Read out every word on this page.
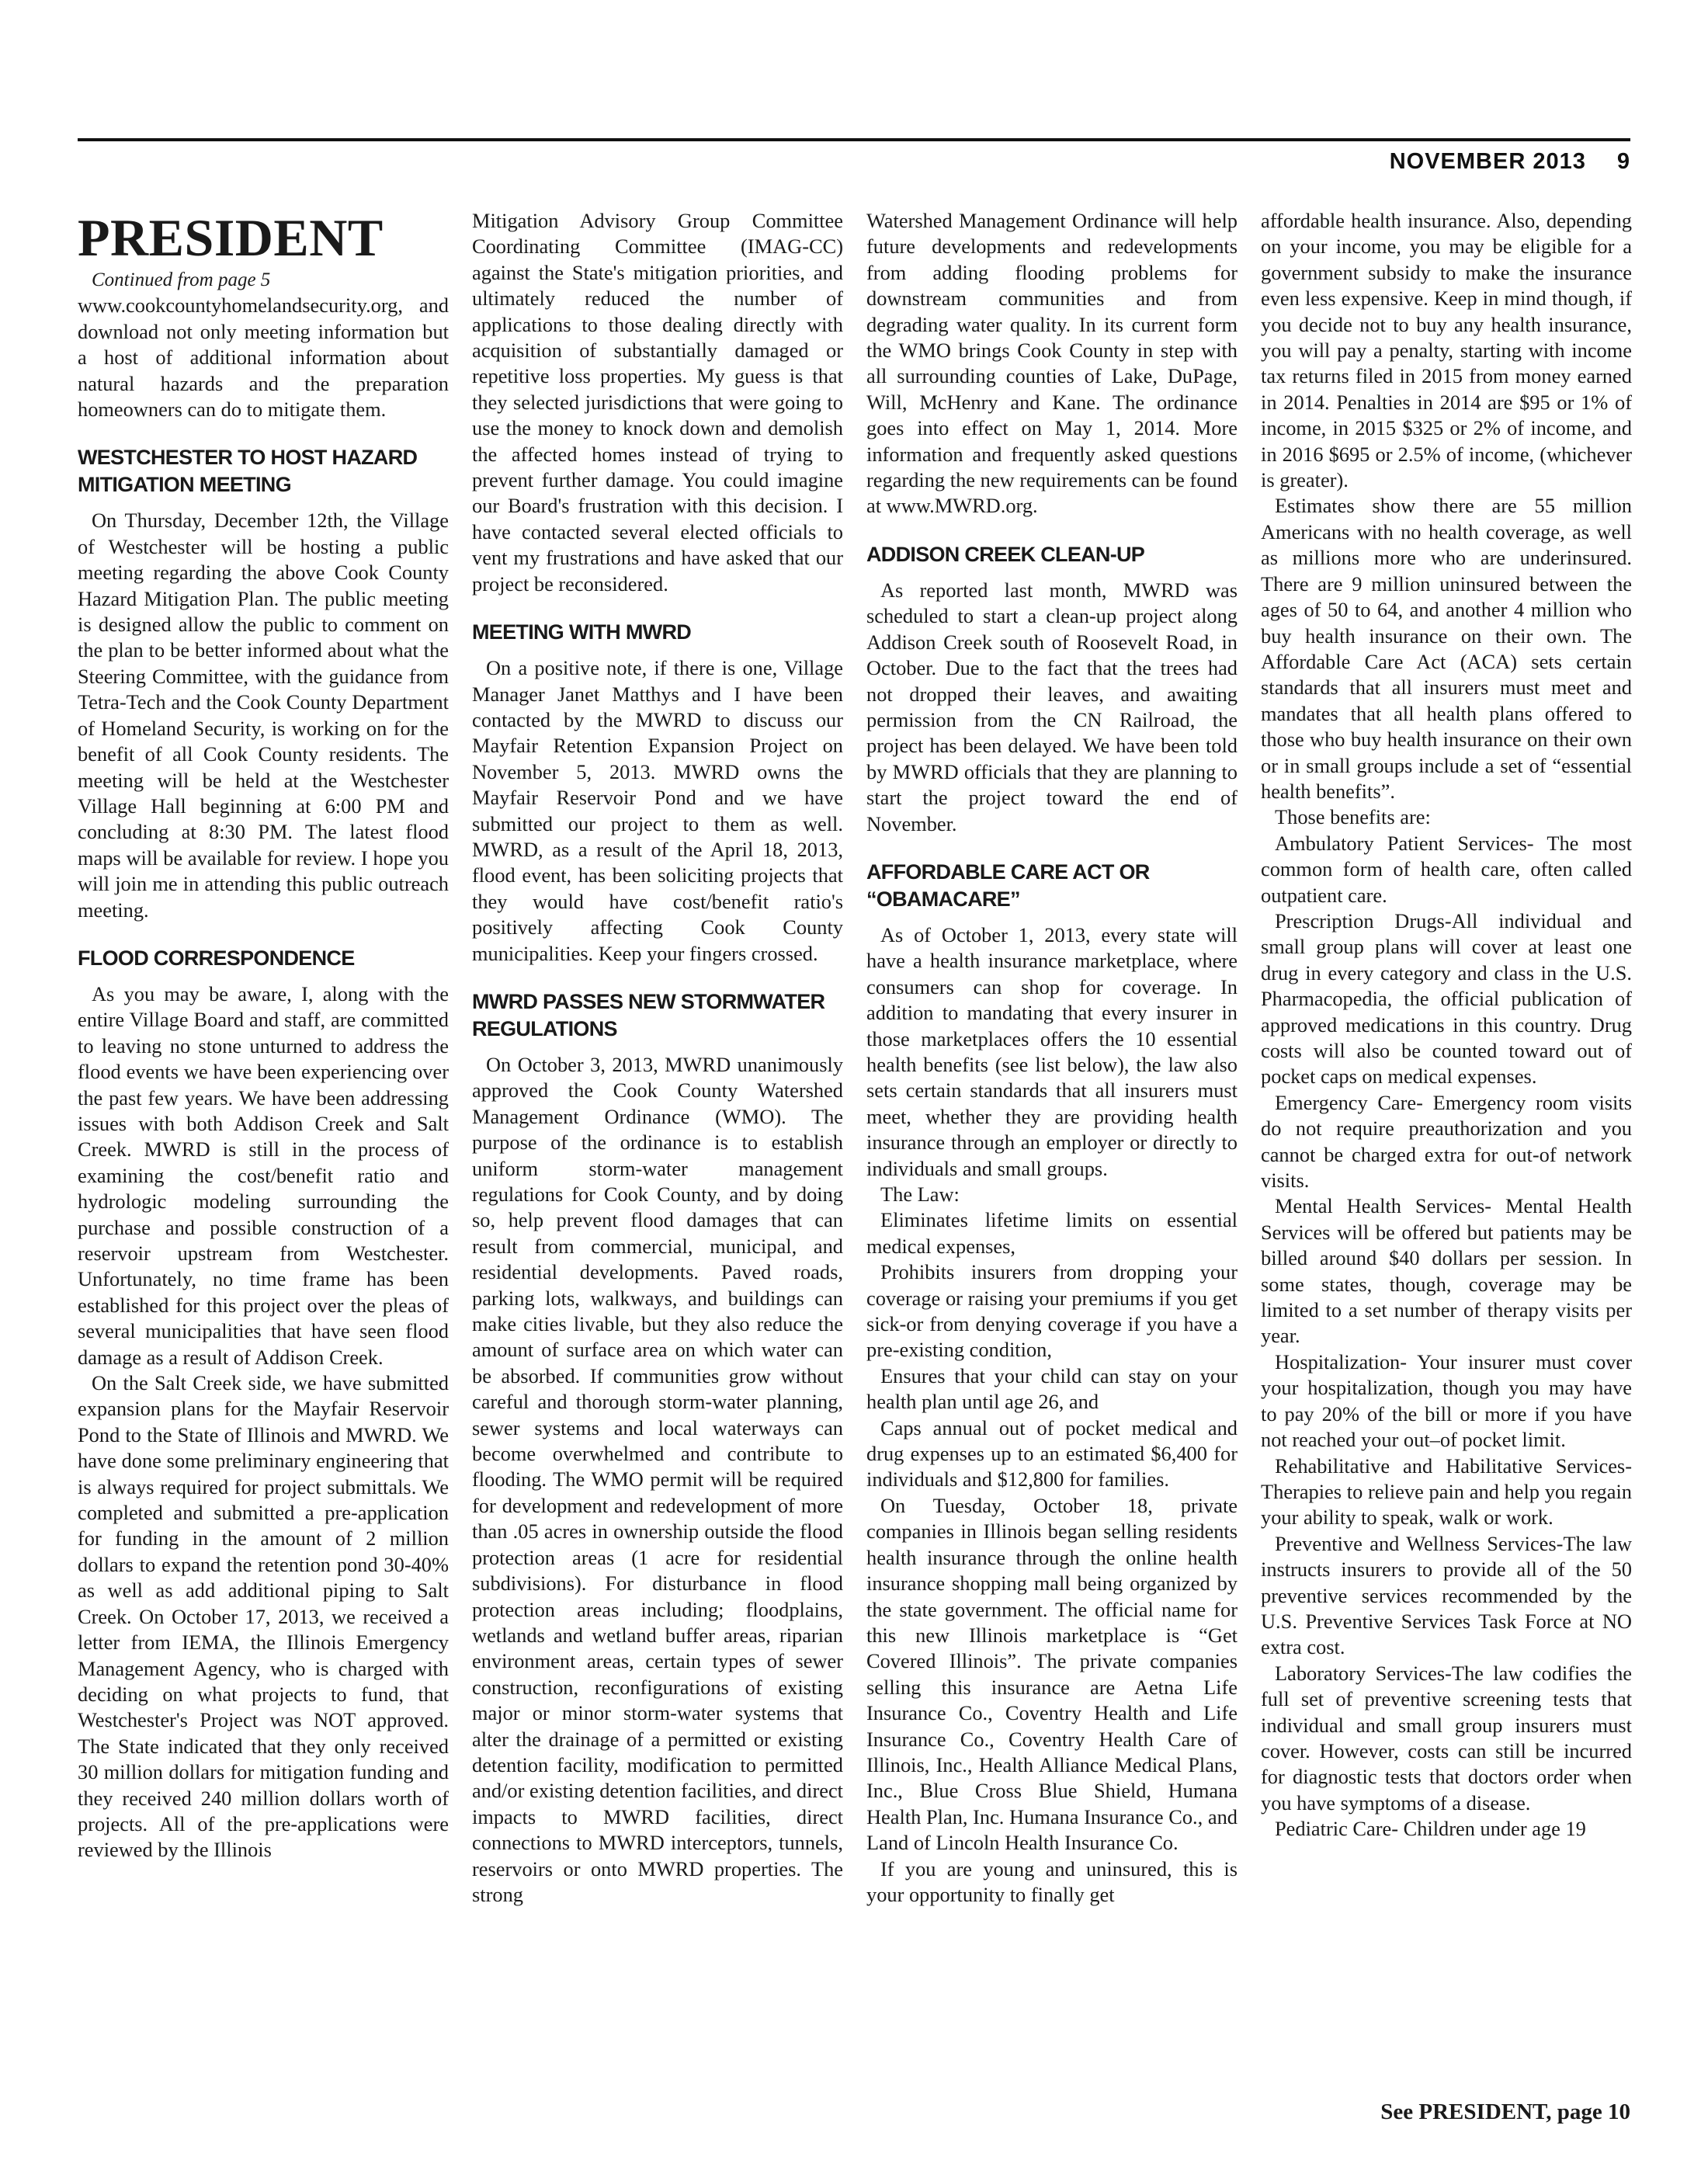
NOVEMBER 2013 9
PRESIDENT

Continued from page 5

www.cookcountyhomelandsecurity.org, and download not only meeting information but a host of additional information about natural hazards and the preparation homeowners can do to mitigate them.

WESTCHESTER TO HOST HAZARD MITIGATION MEETING

On Thursday, December 12th, the Village of Westchester will be hosting a public meeting regarding the above Cook County Hazard Mitigation Plan. The public meeting is designed allow the public to comment on the plan to be better informed about what the Steering Committee, with the guidance from Tetra-Tech and the Cook County Department of Homeland Security, is working on for the benefit of all Cook County residents. The meeting will be held at the Westchester Village Hall beginning at 6:00 PM and concluding at 8:30 PM. The latest flood maps will be available for review. I hope you will join me in attending this public outreach meeting.

FLOOD CORRESPONDENCE

As you may be aware, I, along with the entire Village Board and staff, are committed to leaving no stone unturned to address the flood events we have been experiencing over the past few years. We have been addressing issues with both Addison Creek and Salt Creek. MWRD is still in the process of examining the cost/benefit ratio and hydrologic modeling surrounding the purchase and possible construction of a reservoir upstream from Westchester. Unfortunately, no time frame has been established for this project over the pleas of several municipalities that have seen flood damage as a result of Addison Creek.

On the Salt Creek side, we have submitted expansion plans for the Mayfair Reservoir Pond to the State of Illinois and MWRD. We have done some preliminary engineering that is always required for project submittals. We completed and submitted a pre-application for funding in the amount of 2 million dollars to expand the retention pond 30-40% as well as add additional piping to Salt Creek. On October 17, 2013, we received a letter from IEMA, the Illinois Emergency Management Agency, who is charged with deciding on what projects to fund, that Westchester's Project was NOT approved. The State indicated that they only received 30 million dollars for mitigation funding and they received 240 million dollars worth of projects. All of the pre-applications were reviewed by the Illinois

Mitigation Advisory Group Committee Coordinating Committee (IMAG-CC) against the State's mitigation priorities, and ultimately reduced the number of applications to those dealing directly with acquisition of substantially damaged or repetitive loss properties. My guess is that they selected jurisdictions that were going to use the money to knock down and demolish the affected homes instead of trying to prevent further damage. You could imagine our Board's frustration with this decision. I have contacted several elected officials to vent my frustrations and have asked that our project be reconsidered.

MEETING WITH MWRD

On a positive note, if there is one, Village Manager Janet Matthys and I have been contacted by the MWRD to discuss our Mayfair Retention Expansion Project on November 5, 2013. MWRD owns the Mayfair Reservoir Pond and we have submitted our project to them as well. MWRD, as a result of the April 18, 2013, flood event, has been soliciting projects that they would have cost/benefit ratio's positively affecting Cook County municipalities. Keep your fingers crossed.

MWRD PASSES NEW STORMWATER REGULATIONS

On October 3, 2013, MWRD unanimously approved the Cook County Watershed Management Ordinance (WMO). The purpose of the ordinance is to establish uniform storm-water management regulations for Cook County, and by doing so, help prevent flood damages that can result from commercial, municipal, and residential developments. Paved roads, parking lots, walkways, and buildings can make cities livable, but they also reduce the amount of surface area on which water can be absorbed. If communities grow without careful and thorough storm-water planning, sewer systems and local waterways can become overwhelmed and contribute to flooding. The WMO permit will be required for development and redevelopment of more than .05 acres in ownership outside the flood protection areas (1 acre for residential subdivisions). For disturbance in flood protection areas including; floodplains, wetlands and wetland buffer areas, riparian environment areas, certain types of sewer construction, reconfigurations of existing major or minor storm-water systems that alter the drainage of a permitted or existing detention facility, modification to permitted and/or existing detention facilities, and direct impacts to MWRD facilities, direct connections to MWRD interceptors, tunnels, reservoirs or onto MWRD properties. The strong

Watershed Management Ordinance will help future developments and redevelopments from adding flooding problems for downstream communities and from degrading water quality. In its current form the WMO brings Cook County in step with all surrounding counties of Lake, DuPage, Will, McHenry and Kane. The ordinance goes into effect on May 1, 2014. More information and frequently asked questions regarding the new requirements can be found at www.MWRD.org.

ADDISON CREEK CLEAN-UP

As reported last month, MWRD was scheduled to start a clean-up project along Addison Creek south of Roosevelt Road, in October. Due to the fact that the trees had not dropped their leaves, and awaiting permission from the CN Railroad, the project has been delayed. We have been told by MWRD officials that they are planning to start the project toward the end of November.

AFFORDABLE CARE ACT OR “OBAMACARE”

As of October 1, 2013, every state will have a health insurance marketplace, where consumers can shop for coverage. In addition to mandating that every insurer in those marketplaces offers the 10 essential health benefits (see list below), the law also sets certain standards that all insurers must meet, whether they are providing health insurance through an employer or directly to individuals and small groups.

The Law:

Eliminates lifetime limits on essential medical expenses,

Prohibits insurers from dropping your coverage or raising your premiums if you get sick-or from denying coverage if you have a pre-existing condition,

Ensures that your child can stay on your health plan until age 26, and

Caps annual out of pocket medical and drug expenses up to an estimated $6,400 for individuals and $12,800 for families.

On Tuesday, October 18, private companies in Illinois began selling residents health insurance through the online health insurance shopping mall being organized by the state government. The official name for this new Illinois marketplace is “Get Covered Illinois”. The private companies selling this insurance are Aetna Life Insurance Co., Coventry Health and Life Insurance Co., Coventry Health Care of Illinois, Inc., Health Alliance Medical Plans, Inc., Blue Cross Blue Shield, Humana Health Plan, Inc. Humana Insurance Co., and Land of Lincoln Health Insurance Co.

If you are young and uninsured, this is your opportunity to finally get

affordable health insurance. Also, depending on your income, you may be eligible for a government subsidy to make the insurance even less expensive. Keep in mind though, if you decide not to buy any health insurance, you will pay a penalty, starting with income tax returns filed in 2015 from money earned in 2014. Penalties in 2014 are $95 or 1% of income, in 2015 $325 or 2% of income, and in 2016 $695 or 2.5% of income, (whichever is greater).

Estimates show there are 55 million Americans with no health coverage, as well as millions more who are underinsured. There are 9 million uninsured between the ages of 50 to 64, and another 4 million who buy health insurance on their own. The Affordable Care Act (ACA) sets certain standards that all insurers must meet and mandates that all health plans offered to those who buy health insurance on their own or in small groups include a set of “essential health benefits”.

Those benefits are:

Ambulatory Patient Services- The most common form of health care, often called outpatient care.

Prescription Drugs-All individual and small group plans will cover at least one drug in every category and class in the U.S. Pharmacopedia, the official publication of approved medications in this country. Drug costs will also be counted toward out of pocket caps on medical expenses.

Emergency Care- Emergency room visits do not require preauthorization and you cannot be charged extra for out-of network visits.

Mental Health Services- Mental Health Services will be offered but patients may be billed around $40 dollars per session. In some states, though, coverage may be limited to a set number of therapy visits per year.

Hospitalization- Your insurer must cover your hospitalization, though you may have to pay 20% of the bill or more if you have not reached your out–of pocket limit.

Rehabilitative and Habilitative Services-Therapies to relieve pain and help you regain your ability to speak, walk or work.

Preventive and Wellness Services-The law instructs insurers to provide all of the 50 preventive services recommended by the U.S. Preventive Services Task Force at NO extra cost.

Laboratory Services-The law codifies the full set of preventive screening tests that individual and small group insurers must cover. However, costs can still be incurred for diagnostic tests that doctors order when you have symptoms of a disease.

Pediatric Care- Children under age 19

See PRESIDENT, page 10
